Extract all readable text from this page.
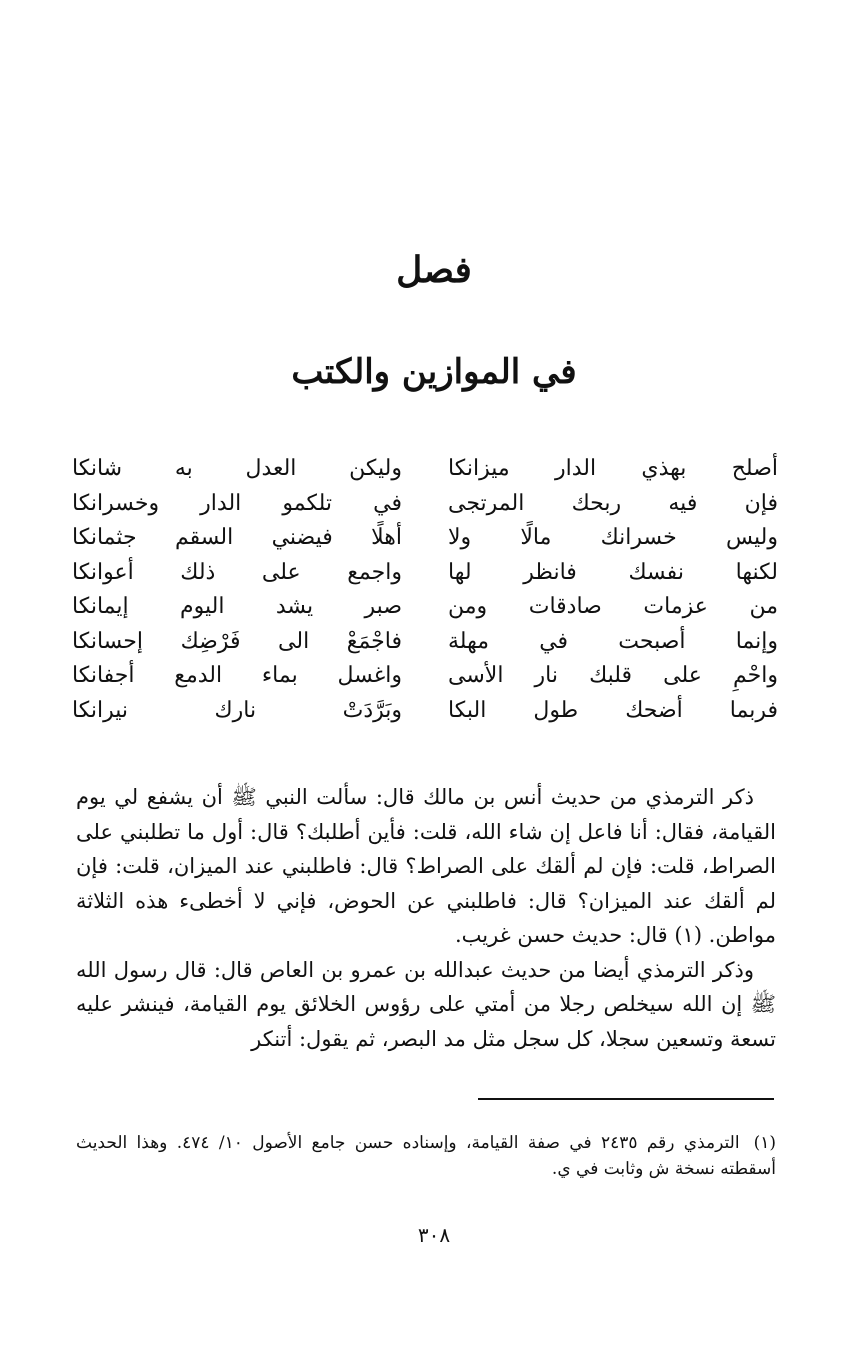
فصل
في الموازين والكتب
أصلح بهذي الدار ميزانكا
وليكن العدل به شانكا
فإن فيه ربحك المرتجى
في تلكمو الدار وخسرانكا
وليس خسرانك مالًا ولا
أهلًا فيضني السقم جثمانكا
لكنها نفسك فانظر لها
واجمع على ذلك أعوانكا
من عزمات صادقات ومن
صبر يشد اليوم إيمانكا
وإنما أصبحت في مهلة
فاجْمَعْ الى فَرْضِك إحسانكا
واحْمِ على قلبك نار الأسى
واغسل بماء الدمع أجفانكا
فربما أضحك طول البكا
وبَرَّدَتْ نارك نيرانكا

ذكر الترمذي من حديث أنس بن مالك قال: سألت النبي ﷺ أن يشفع لي يوم القيامة، فقال: أنا فاعل إن شاء الله، قلت: فأين أطلبك؟ قال: أول ما تطلبني على الصراط، قلت: فإن لم ألقك على الصراط؟ قال: فاطلبني عند الميزان، قلت: فإن لم ألقك عند الميزان؟ قال: فاطلبني عن الحوض، فإني لا أخطىء هذه الثلاثة مواطن. (١) قال: حديث حسن غريب.

وذكر الترمذي أيضا من حديث عبدالله بن عمرو بن العاص قال: قال رسول الله ﷺ إن الله سيخلص رجلا من أمتي على رؤوس الخلائق يوم القيامة، فينشر عليه تسعة وتسعين سجلا، كل سجل مثل مد البصر، ثم يقول: أتنكر

(١)الترمذي رقم ٢٤٣٥ في صفة القيامة، وإسناده حسن جامع الأصول ١٠/ ٤٧٤. وهذا الحديث أسقطته نسخة ش وثابت في ي.
٣٠٨
